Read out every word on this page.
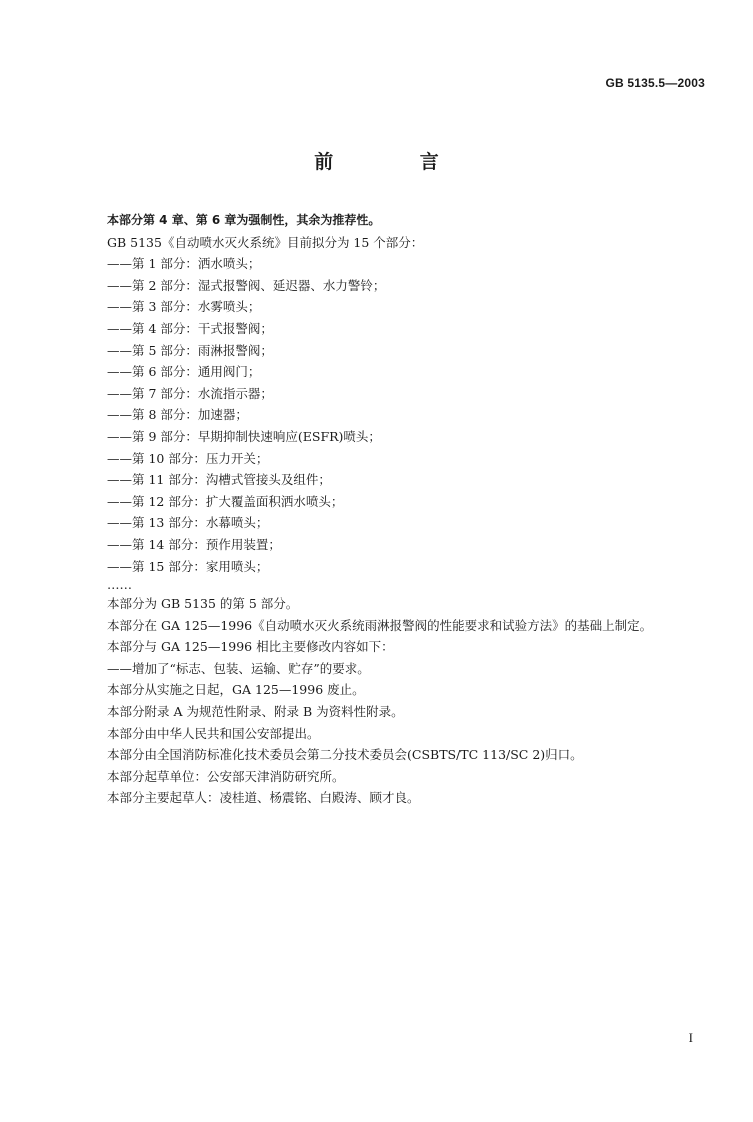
GB 5135.5—2003
前 言
本部分第 4 章、第 6 章为强制性，其余为推荐性。
GB 5135《自动喷水灭火系统》目前拟分为 15 个部分：
——第 1 部分：洒水喷头；
——第 2 部分：湿式报警阀、延迟器、水力警铃；
——第 3 部分：水雾喷头；
——第 4 部分：干式报警阀；
——第 5 部分：雨淋报警阀；
——第 6 部分：通用阀门；
——第 7 部分：水流指示器；
——第 8 部分：加速器；
——第 9 部分：早期抑制快速响应(ESFR)喷头；
——第 10 部分：压力开关；
——第 11 部分：沟槽式管接头及组件；
——第 12 部分：扩大覆盖面积洒水喷头；
——第 13 部分：水幕喷头；
——第 14 部分：预作用装置；
——第 15 部分：家用喷头；
……
本部分为 GB 5135 的第 5 部分。
本部分在 GA 125—1996《自动喷水灭火系统雨淋报警阀的性能要求和试验方法》的基础上制定。
本部分与 GA 125—1996 相比主要修改内容如下：
——增加了“标志、包装、运输、贮存”的要求。
本部分从实施之日起，GA 125—1996 废止。
本部分附录 A 为规范性附录、附录 B 为资料性附录。
本部分由中华人民共和国公安部提出。
本部分由全国消防标准化技术委员会第二分技术委员会(CSBTS/TC 113/SC 2)归口。
本部分起草单位：公安部天津消防研究所。
本部分主要起草人：凌桂道、杨震铭、白殿涛、顾才良。
I
